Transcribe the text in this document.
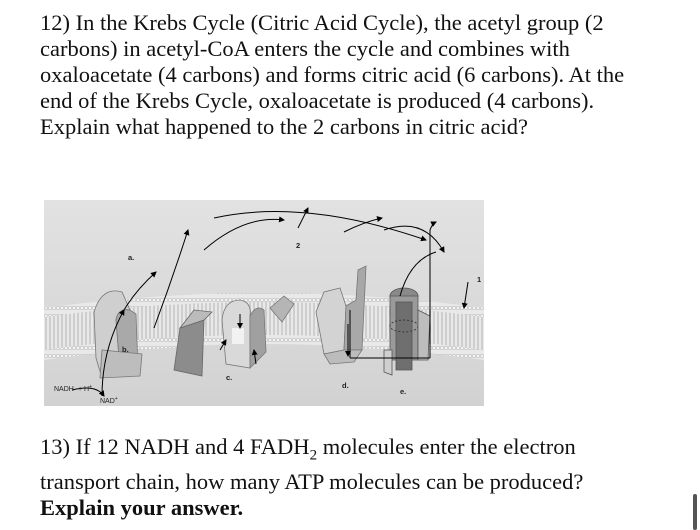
12) In the Krebs Cycle (Citric Acid Cycle), the acetyl group (2
carbons) in acetyl-CoA enters the cycle and combines with
oxaloacetate (4 carbons) and forms citric acid (6 carbons). At the
end of the Krebs Cycle, oxaloacetate is produced (4 carbons).
Explain what happened to the 2 carbons in citric acid?
a.
b.
c.
d.
e.
1
2
NADH + H+
NAD+
13) If 12 NADH and 4 $FADH_2$ molecules enter the electron
transport chain, how many ATP molecules can be produced?
Explain your answer.
